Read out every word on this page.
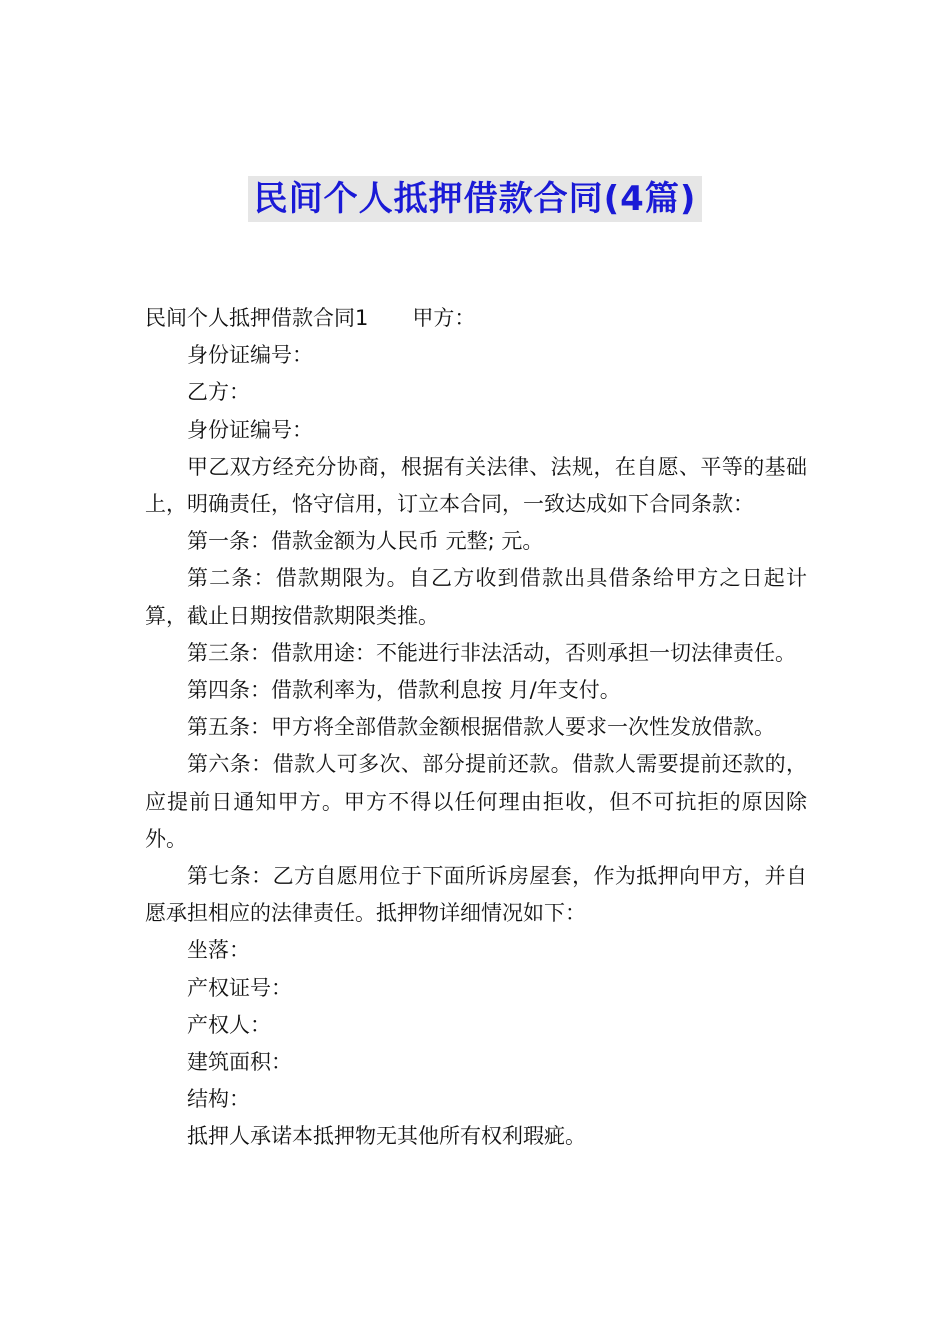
民间个人抵押借款合同(4篇)

民间个人抵押借款合同1 甲方：

身份证编号：

乙方：

身份证编号：

甲乙双方经充分协商，根据有关法律、法规，在自愿、平等的基础上，明确责任，恪守信用，订立本合同，一致达成如下合同条款：

第一条：借款金额为人民币 元整; 元。

第二条：借款期限为。自乙方收到借款出具借条给甲方之日起计算，截止日期按借款期限类推。

第三条：借款用途：不能进行非法活动，否则承担一切法律责任。

第四条：借款利率为，借款利息按 月/年支付。

第五条：甲方将全部借款金额根据借款人要求一次性发放借款。

第六条：借款人可多次、部分提前还款。借款人需要提前还款的，应提前日通知甲方。甲方不得以任何理由拒收，但不可抗拒的原因除外。

第七条：乙方自愿用位于下面所诉房屋套，作为抵押向甲方，并自愿承担相应的法律责任。抵押物详细情况如下：

坐落：

产权证号：

产权人：

建筑面积：

结构：

抵押人承诺本抵押物无其他所有权利瑕疵。
